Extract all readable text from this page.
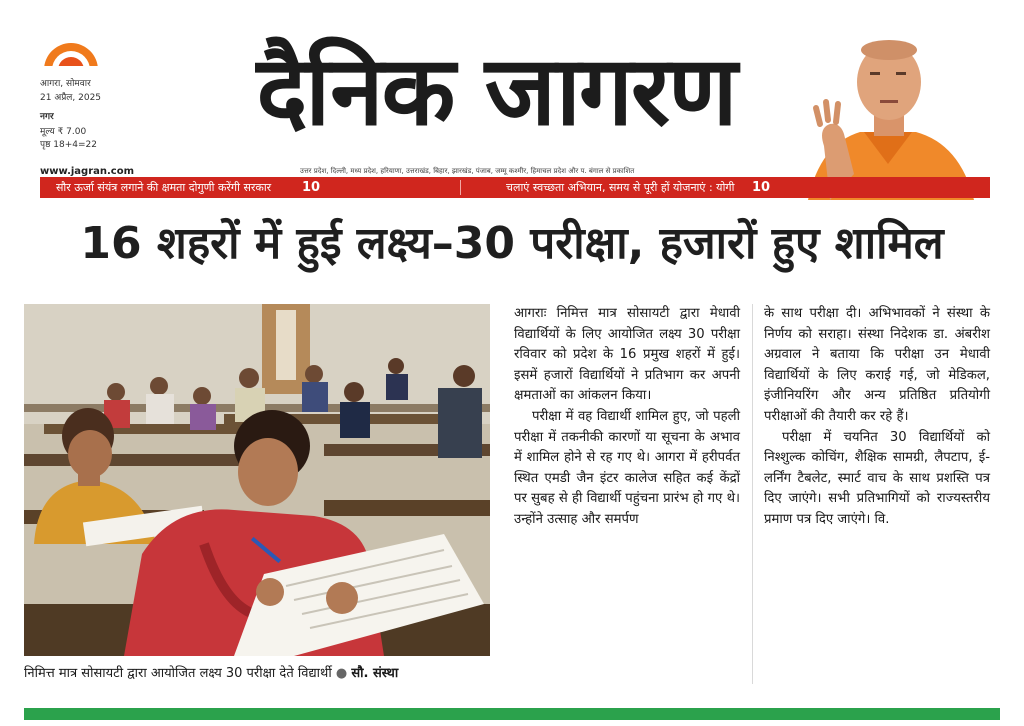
आगरा, सोमवार
21 अप्रैल, 2025
नगर
मूल्य ₹ 7.00
पृष्ठ 18+4=22
www.jagran.com
दैनिक जागरण
उत्तर प्रदेश, दिल्ली, मध्य प्रदेश, हरियाणा, उत्तराखंड, बिहार, झारखंड, पंजाब, जम्मू कश्मीर, हिमाचल प्रदेश और प. बंगाल से प्रकाशित
सौर ऊर्जा संयंत्र लगाने की क्षमता दोगुणी करेंगी सरकार 10	चलाएं स्वच्छता अभियान, समय से पूरी हों योजनाएं : योगी 10
16 शहरों में हुई लक्ष्य–30 परीक्षा, हजारों हुए शामिल
निमित्त मात्र सोसायटी द्वारा आयोजित लक्ष्य 30 परीक्षा देते विद्यार्थी ● सौ. संस्था

आगराः निमित्त मात्र सोसायटी द्वारा मेधावी विद्यार्थियों के लिए आयोजित लक्ष्य 30 परीक्षा रविवार को प्रदेश के 16 प्रमुख शहरों में हुई। इसमें हजारों विद्यार्थियों ने प्रतिभाग कर अपनी क्षमताओं का आंकलन किया।

परीक्षा में वह विद्यार्थी शामिल हुए, जो पहली परीक्षा में तकनीकी कारणों या सूचना के अभाव में शामिल होने से रह गए थे। आगरा में हरीपर्वत स्थित एमडी जैन इंटर कालेज सहित कई केंद्रों पर सुबह से ही विद्यार्थी पहुंचना प्रारंभ हो गए थे। उन्होंने उत्साह और समर्पण

के साथ परीक्षा दी। अभिभावकों ने संस्था के निर्णय को सराहा। संस्था निदेशक डा. अंबरीश अग्रवाल ने बताया कि परीक्षा उन मेधावी विद्यार्थियों के लिए कराई गई, जो मेडिकल, इंजीनियरिंग और अन्य प्रतिष्ठित प्रतियोगी परीक्षाओं की तैयारी कर रहे हैं।

परीक्षा में चयनित 30 विद्यार्थियों को निश्शुल्क कोचिंग, शैक्षिक सामग्री, लैपटाप, ई-लर्निंग टैबलेट, स्मार्ट वाच के साथ प्रशस्ति पत्र दिए जाएंगे। सभी प्रतिभागियों को राज्यस्तरीय प्रमाण पत्र दिए जाएंगे। वि.
